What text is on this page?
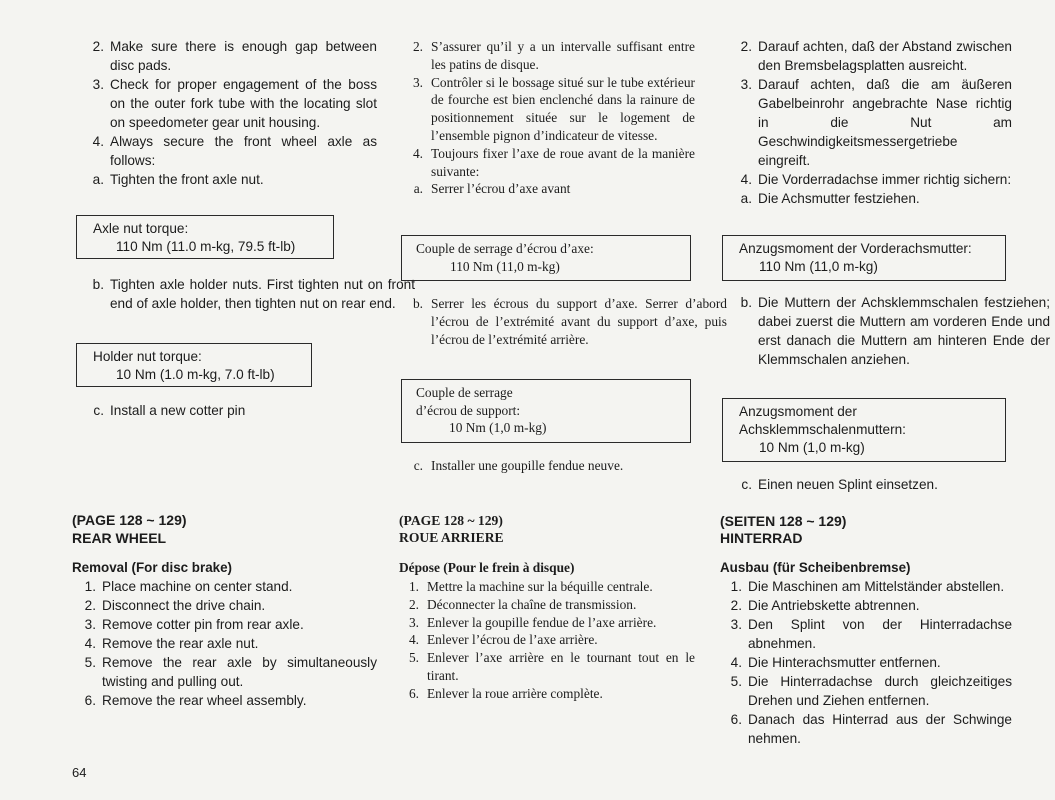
2. Make sure there is enough gap between disc pads.

3. Check for proper engagement of the boss on the outer fork tube with the locating slot on speedometer gear unit housing.

4. Always secure the front wheel axle as follows:

a. Tighten the front axle nut.

Axle nut torque:
110 Nm (11.0 m-kg, 79.5 ft-lb)

b. Tighten axle holder nuts. First tighten nut on front end of axle holder, then tighten nut on rear end.

Holder nut torque:
10 Nm (1.0 m-kg, 7.0 ft-lb)

c. Install a new cotter pin

(PAGE 128 ~ 129)
REAR WHEEL
Removal (For disc brake)

1. Place machine on center stand.

2. Disconnect the drive chain.

3. Remove cotter pin from rear axle.

4. Remove the rear axle nut.

5. Remove the rear axle by simultaneously twisting and pulling out.

6. Remove the rear wheel assembly.

2. S’assurer qu’il y a un intervalle suffisant entre les patins de disque.

3. Contrôler si le bossage situé sur le tube extérieur de fourche est bien enclenché dans la rainure de positionnement située sur le logement de l’ensemble pignon d’indicateur de vitesse.

4. Toujours fixer l’axe de roue avant de la manière suivante:

a. Serrer l’écrou d’axe avant

Couple de serrage d’écrou d’axe:
110 Nm (11,0 m-kg)

b. Serrer les écrous du support d’axe. Serrer d’abord l’écrou de l’extrémité avant du support d’axe, puis l’écrou de l’extrémité arrière.

Couple de serrage d’écrou de support:
10 Nm (1,0 m-kg)

c. Installer une goupille fendue neuve.

(PAGE 128 ~ 129)
ROUE ARRIERE
Dépose (Pour le frein à disque)

1. Mettre la machine sur la béquille centrale.

2. Déconnecter la chaîne de transmission.

3. Enlever la goupille fendue de l’axe arrière.

4. Enlever l’écrou de l’axe arrière.

5. Enlever l’axe arrière en le tournant tout en le tirant.

6. Enlever la roue arrière complète.

2. Darauf achten, daß der Abstand zwischen den Bremsbelagsplatten ausreicht.

3. Darauf achten, daß die am äußeren Gabelbeinrohr angebrachte Nase richtig in die Nut am Geschwindigkeitsmessergetriebe eingreift.

4. Die Vorderradachse immer richtig sichern:

a. Die Achsmutter festziehen.

Anzugsmoment der Vorderachsmutter:
110 Nm (11,0 m-kg)

b. Die Muttern der Achsklemmschalen festziehen; dabei zuerst die Muttern am vorderen Ende und erst danach die Muttern am hinteren Ende der Klemmschalen anziehen.

Anzugsmoment der Achsklemmschalenmuttern:
10 Nm (1,0 m-kg)

c. Einen neuen Splint einsetzen.

(SEITEN 128 ~ 129)
HINTERRAD
Ausbau (für Scheibenbremse)

1. Die Maschinen am Mittelständer abstellen.

2. Die Antriebskette abtrennen.

3. Den Splint von der Hinterradachse abnehmen.

4. Die Hinterachsmutter entfernen.

5. Die Hinterradachse durch gleichzeitiges Drehen und Ziehen entfernen.

6. Danach das Hinterrad aus der Schwinge nehmen.

64
